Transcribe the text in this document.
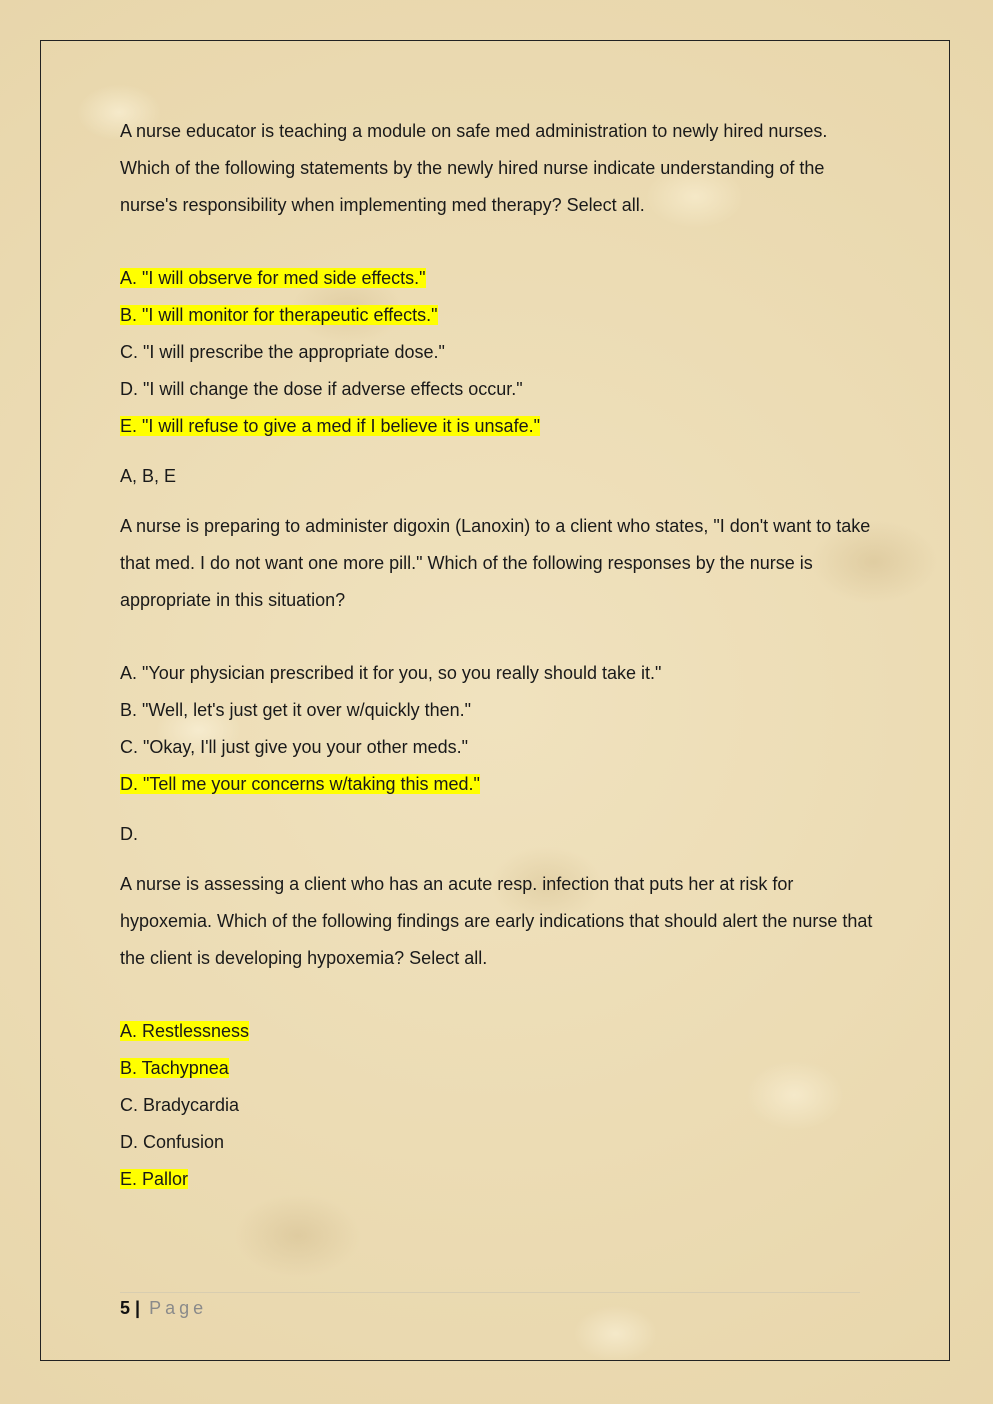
A nurse educator is teaching a module on safe med administration to newly hired nurses. Which of the following statements by the newly hired nurse indicate understanding of the nurse's responsibility when implementing med therapy? Select all.

A. "I will observe for med side effects."
B. "I will monitor for therapeutic effects."
C. "I will prescribe the appropriate dose."
D. "I will change the dose if adverse effects occur."
E. "I will refuse to give a med if I believe it is unsafe."

A, B, E

A nurse is preparing to administer digoxin (Lanoxin) to a client who states, "I don't want to take that med. I do not want one more pill." Which of the following responses by the nurse is appropriate in this situation?

A. "Your physician prescribed it for you, so you really should take it."
B. "Well, let's just get it over w/quickly then."
C. "Okay, I'll just give you your other meds."
D. "Tell me your concerns w/taking this med."

D.

A nurse is assessing a client who has an acute resp. infection that puts her at risk for hypoxemia. Which of the following findings are early indications that should alert the nurse that the client is developing hypoxemia? Select all.

A. Restlessness
B. Tachypnea
C. Bradycardia
D. Confusion
E. Pallor
5 | Page
